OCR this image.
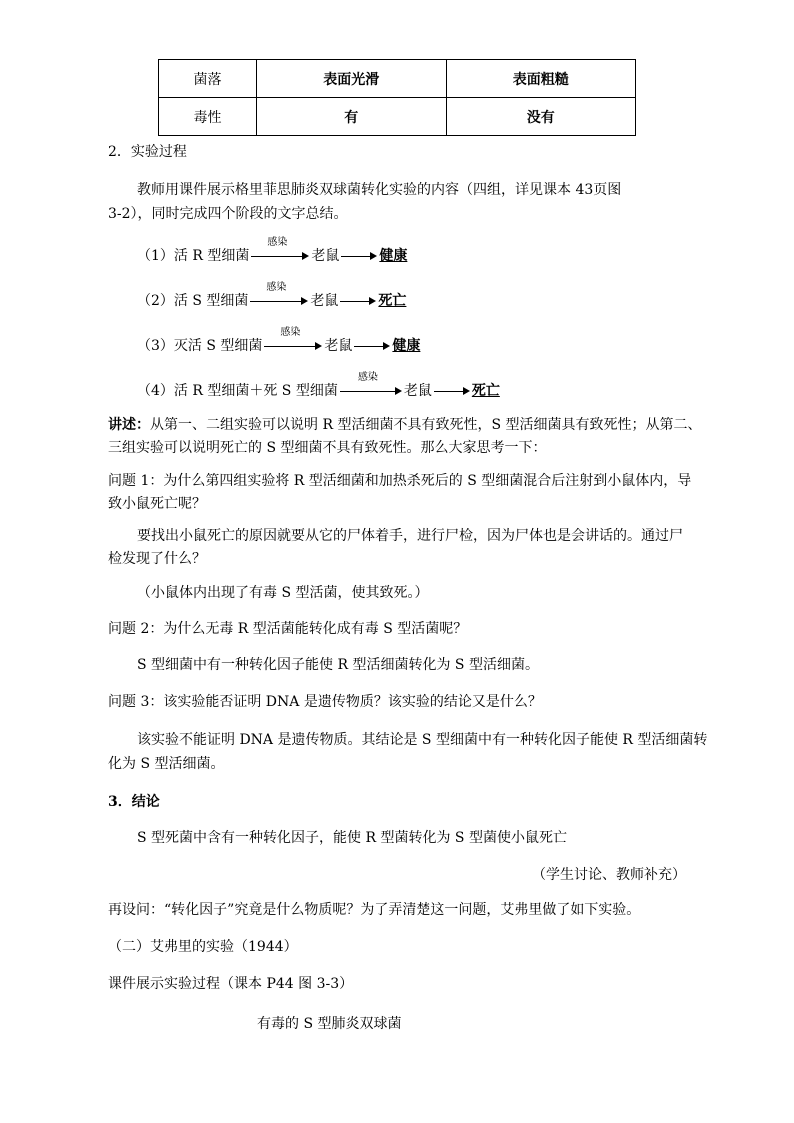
菌落	表面光滑	表面粗糙
毒性	有	没有
2．实验过程
教师用课件展示格里菲思肺炎双球菌转化实验的内容（四组，详见课本 43页图
3-2），同时完成四个阶段的文字总结。
（1）活 R 型细菌
感染
老鼠	健康
（2）活 S 型细菌
感染
老鼠	死亡
（3）灭活 S 型细菌
感染
老鼠	健康
（4）活 R 型细菌＋死 S 型细菌
感染
老鼠	死亡
讲述：从第一、二组实验可以说明 R 型活细菌不具有致死性，S 型活细菌具有致死性；从第二、
三组实验可以说明死亡的 S 型细菌不具有致死性。那么大家思考一下：
问题 1：为什么第四组实验将 R 型活细菌和加热杀死后的 S 型细菌混合后注射到小鼠体内，导
致小鼠死亡呢？
要找出小鼠死亡的原因就要从它的尸体着手，进行尸检，因为尸体也是会讲话的。通过尸
检发现了什么？
（小鼠体内出现了有毒 S 型活菌，使其致死。）
问题 2：为什么无毒 R 型活菌能转化成有毒 S 型活菌呢？
S 型细菌中有一种转化因子能使 R 型活细菌转化为 S 型活细菌。
问题 3：该实验能否证明 DNA 是遗传物质？该实验的结论又是什么？
该实验不能证明 DNA 是遗传物质。其结论是 S 型细菌中有一种转化因子能使 R 型活细菌转
化为 S 型活细菌。
3．结论
S 型死菌中含有一种转化因子，能使 R 型菌转化为 S 型菌使小鼠死亡
（学生讨论、教师补充）
再设问：“转化因子”究竟是什么物质呢？为了弄清楚这一问题，艾弗里做了如下实验。
（二）艾弗里的实验（1944）
课件展示实验过程（课本 P44 图 3-3）
有毒的 S 型肺炎双球菌
